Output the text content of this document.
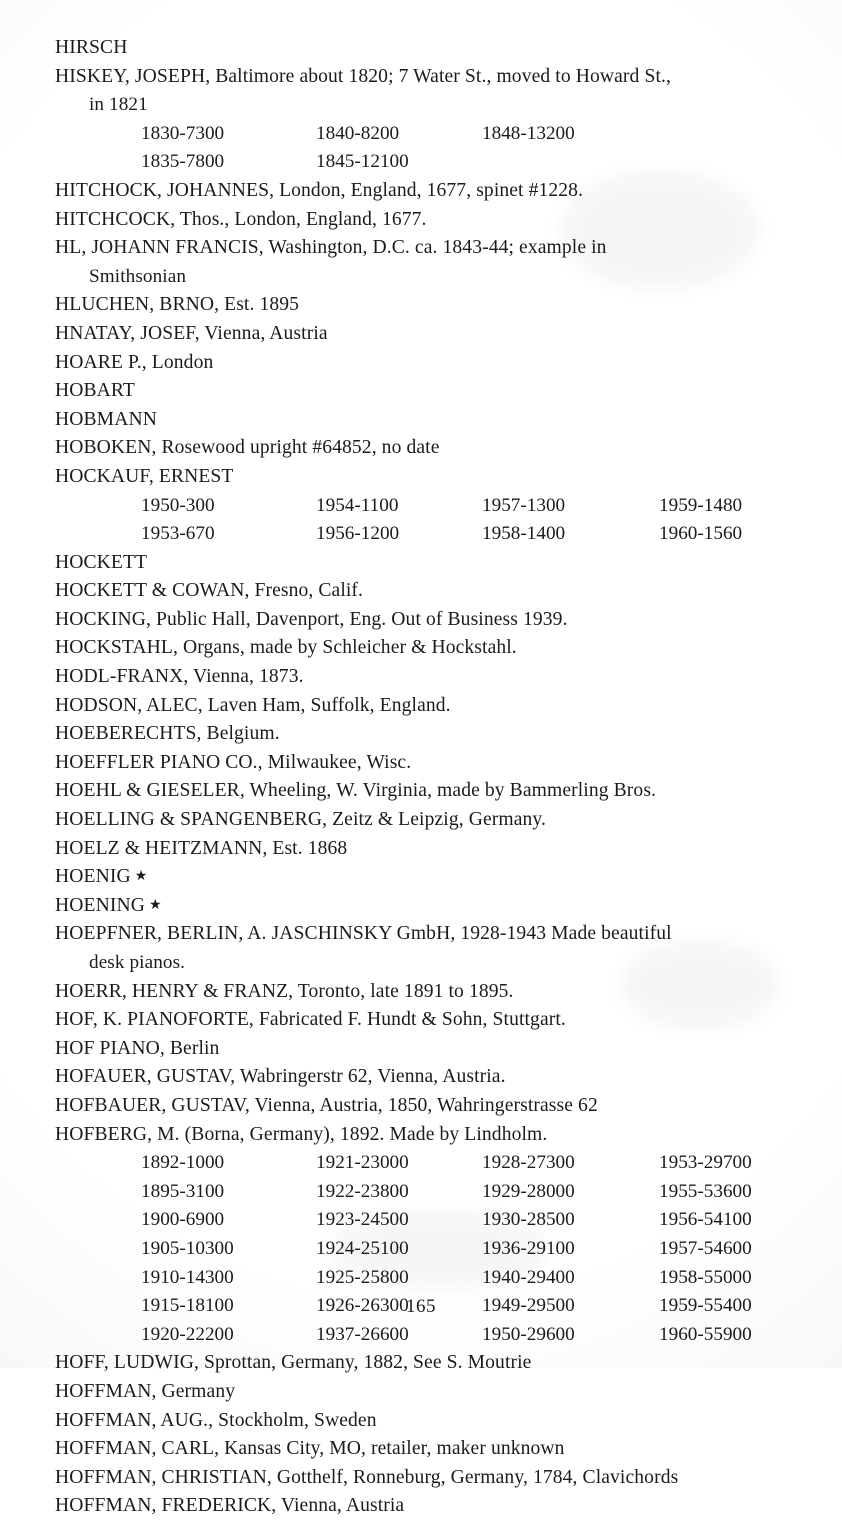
HIRSCH

HISKEY, JOSEPH, Baltimore about 1820; 7 Water St., moved to Howard St.,
in 1821

	1830-7300	1840-8200	1848-13200	
	1835-7800	1845-12100		

HITCHOCK, JOHANNES, London, England, 1677, spinet #1228.

HITCHCOCK, Thos., London, England, 1677.

HL, JOHANN FRANCIS, Washington, D.C. ca. 1843-44; example in
Smithsonian

HLUCHEN, BRNO, Est. 1895

HNATAY, JOSEF, Vienna, Austria

HOARE P., London

HOBART

HOBMANN

HOBOKEN, Rosewood upright #64852, no date

HOCKAUF, ERNEST

	1950-300	1954-1100	1957-1300	1959-1480
	1953-670	1956-1200	1958-1400	1960-1560

HOCKETT

HOCKETT & COWAN, Fresno, Calif.

HOCKING, Public Hall, Davenport, Eng. Out of Business 1939.

HOCKSTAHL, Organs, made by Schleicher & Hockstahl.

HODL-FRANX, Vienna, 1873.

HODSON, ALEC, Laven Ham, Suffolk, England.

HOEBERECHTS, Belgium.

HOEFFLER PIANO CO., Milwaukee, Wisc.

HOEHL & GIESELER, Wheeling, W. Virginia, made by Bammerling Bros.

HOELLING & SPANGENBERG, Zeitz & Leipzig, Germany.

HOELZ & HEITZMANN, Est. 1868

HOENIG ★

HOENING ★

HOEPFNER, BERLIN, A. JASCHINSKY GmbH, 1928-1943 Made beautiful
desk pianos.

HOERR, HENRY & FRANZ, Toronto, late 1891 to 1895.

HOF, K. PIANOFORTE, Fabricated F. Hundt & Sohn, Stuttgart.

HOF PIANO, Berlin

HOFAUER, GUSTAV, Wabringerstr 62, Vienna, Austria.

HOFBAUER, GUSTAV, Vienna, Austria, 1850, Wahringerstrasse 62

HOFBERG, M. (Borna, Germany), 1892. Made by Lindholm.

	1892-1000	1921-23000	1928-27300	1953-29700
	1895-3100	1922-23800	1929-28000	1955-53600
	1900-6900	1923-24500	1930-28500	1956-54100
	1905-10300	1924-25100	1936-29100	1957-54600
	1910-14300	1925-25800	1940-29400	1958-55000
	1915-18100	1926-26300	1949-29500	1959-55400
	1920-22200	1937-26600	1950-29600	1960-55900

HOFF, LUDWIG, Sprottan, Germany, 1882, See S. Moutrie

HOFFMAN, Germany

HOFFMAN, AUG., Stockholm, Sweden

HOFFMAN, CARL, Kansas City, MO, retailer, maker unknown

HOFFMAN, CHRISTIAN, Gotthelf, Ronneburg, Germany, 1784, Clavichords

HOFFMAN, FREDERICK, Vienna, Austria

165
